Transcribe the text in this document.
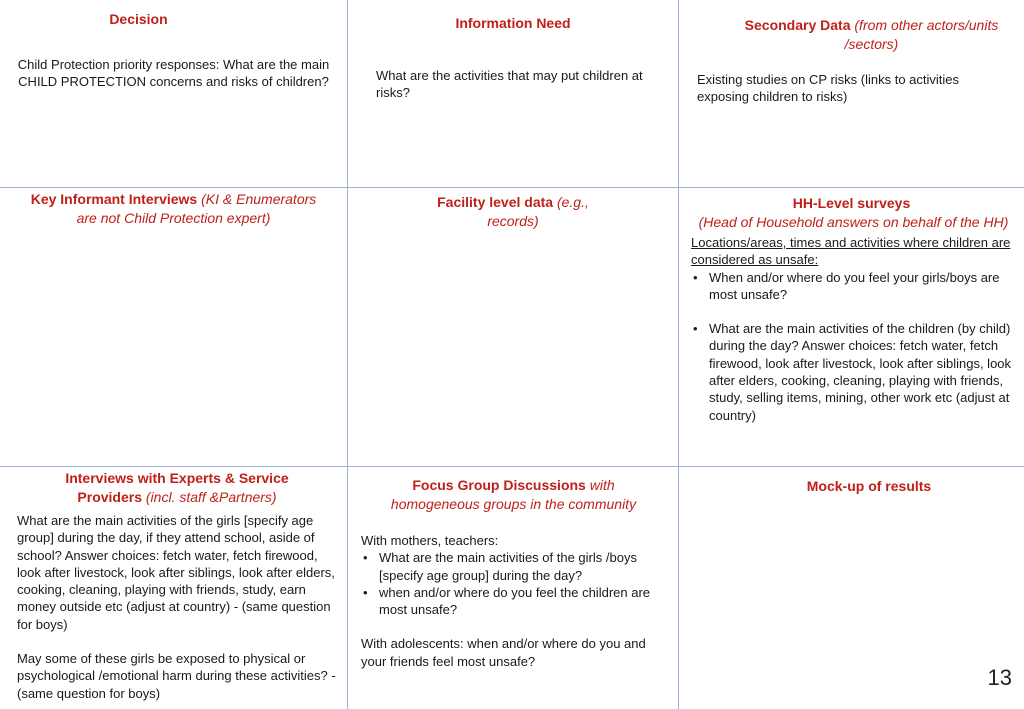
Decision
Child Protection priority responses: What are the main CHILD PROTECTION concerns and risks of children?
Information Need
What are the activities that may put children at risks?
Secondary Data (from other actors/units /sectors)
Existing studies on CP risks (links to activities exposing children to risks)
Key Informant Interviews (KI & Enumerators are not Child Protection expert)
Facility level data (e.g., records)
HH-Level surveys
(Head of Household answers on behalf of the HH)
Locations/areas, times and activities where children are considered as unsafe:
• When and/or where do you feel your girls/boys are most unsafe?
• What are the main activities of the children (by child) during the day? Answer choices: fetch water, fetch firewood, look after livestock, look after siblings, look after elders, cooking, cleaning, playing with friends, study, selling items, mining, other work etc (adjust at country)
Interviews with Experts & Service Providers (incl. staff &Partners)
What are the main activities of the girls [specify age group] during the day, if they attend school, aside of school? Answer choices: fetch water, fetch firewood, look after livestock, look after siblings, look after elders, cooking, cleaning, playing with friends, study, earn money outside etc (adjust at country) - (same question for boys)
May some of these girls be exposed to physical or psychological /emotional harm during these activities? - (same question for boys)
Focus Group Discussions with homogeneous groups in the community
With mothers, teachers:
• What are the main activities of the girls /boys [specify age group] during the day?
• when and/or where do you feel the children are most unsafe?
With adolescents: when and/or where do you and your friends feel most unsafe?
Mock-up of results
13
